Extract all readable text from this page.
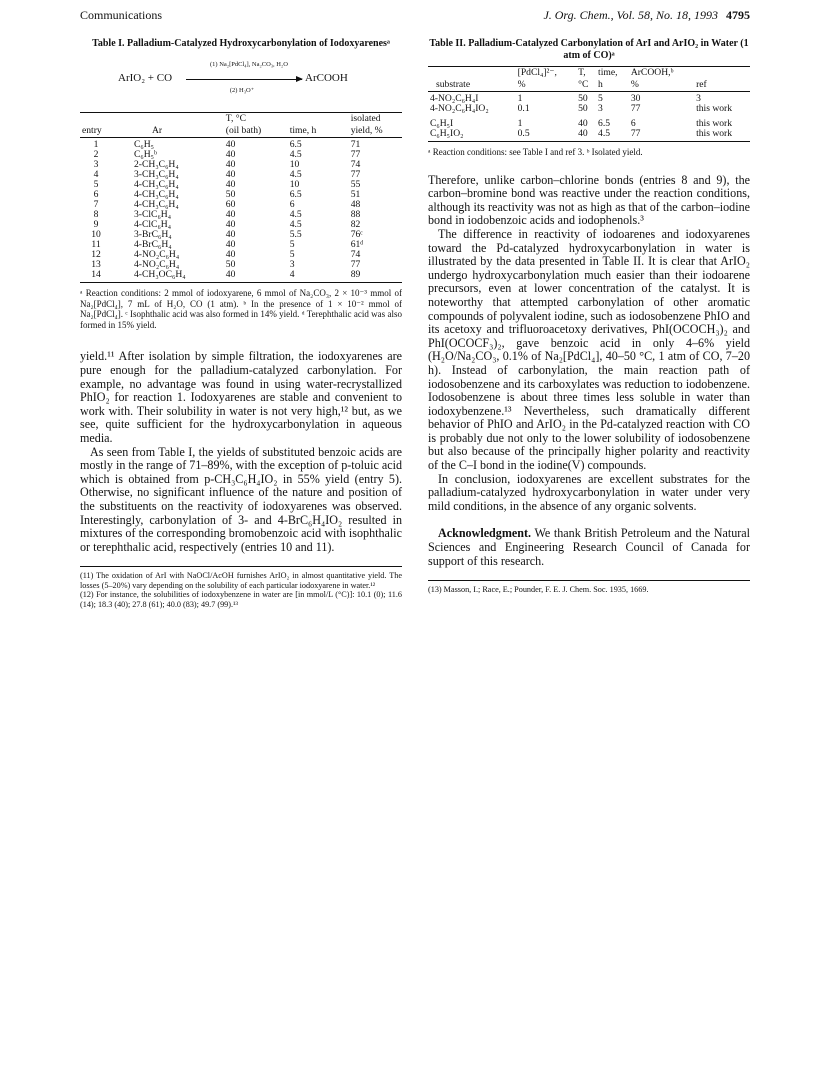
Communications	J. Org. Chem., Vol. 58, No. 18, 1993 4795
Table I. Palladium-Catalyzed Hydroxycarbonylation of Iodoxyarenesᵃ
ArIO₂ + CO
(1) Na₂[PdCl₄], Na₂CO₃, H₂O
(2) H₃O⁺
ArCOOH
		T, °C		isolated
entry	Ar	(oil bath)	time, h	yield, %
1	C₆H₅	40	6.5	71
2	C₆H₅ᵇ	40	4.5	77
3	2-CH₃C₆H₄	40	10	74
4	3-CH₃C₆H₄	40	4.5	77
5	4-CH₃C₆H₄	40	10	55
6	4-CH₃C₆H₄	50	6.5	51
7	4-CH₃C₆H₄	60	6	48
8	3-ClC₆H₄	40	4.5	88
9	4-ClC₆H₄	40	4.5	82
10	3-BrC₆H₄	40	5.5	76ᶜ
11	4-BrC₆H₄	40	5	61ᵈ
12	4-NO₂C₆H₄	40	5	74
13	4-NO₂C₆H₄	50	3	77
14	4-CH₃OC₆H₄	40	4	89
ᵃ Reaction conditions: 2 mmol of iodoxyarene, 6 mmol of Na₂CO₃, 2 × 10⁻³ mmol of Na₂[PdCl₄], 7 mL of H₂O, CO (1 atm). ᵇ In the presence of 1 × 10⁻² mmol of Na₂[PdCl₄]. ᶜ Isophthalic acid was also formed in 14% yield. ᵈ Terephthalic acid was also formed in 15% yield.

yield.¹¹ After isolation by simple filtration, the iodoxyarenes are pure enough for the palladium-catalyzed carbonylation. For example, no advantage was found in using water-recrystallized PhIO₂ for reaction 1. Iodoxyarenes are stable and convenient to work with. Their solubility in water is not very high,¹² but, as we see, quite sufficient for the hydroxycarbonylation in aqueous media.

As seen from Table I, the yields of substituted benzoic acids are mostly in the range of 71–89%, with the exception of p-toluic acid which is obtained from p-CH₃C₆H₄IO₂ in 55% yield (entry 5). Otherwise, no significant influence of the nature and position of the substituents on the reactivity of iodoxyarenes was observed. Interestingly, carbonylation of 3- and 4-BrC₆H₄IO₂ resulted in mixtures of the corresponding bromobenzoic acid with isophthalic or terephthalic acid, respectively (entries 10 and 11).

(11) The oxidation of ArI with NaOCl/AcOH furnishes ArIO₂ in almost quantitative yield. The losses (5–20%) vary depending on the solubility of each particular iodoxyarene in water.¹²
(12) For instance, the solubilities of iodoxybenzene in water are [in mmol/L (°C)]: 10.1 (0); 11.6 (14); 18.3 (40); 27.8 (61); 40.0 (83); 49.7 (99).¹³
Table II. Palladium-Catalyzed Carbonylation of ArI and ArIO₂ in Water (1 atm of CO)ᵃ
	[PdCl₄]²⁻,	T,	time,	ArCOOH,ᵇ	
substrate	%	°C	h	%	ref
4-NO₂C₆H₄I	1	50	5	30	3
4-NO₂C₆H₄IO₂	0.1	50	3	77	this work
C₆H₅I	1	40	6.5	6	this work
C₆H₅IO₂	0.5	40	4.5	77	this work
ᵃ Reaction conditions: see Table I and ref 3. ᵇ Isolated yield.

Therefore, unlike carbon–chlorine bonds (entries 8 and 9), the carbon–bromine bond was reactive under the reaction conditions, although its reactivity was not as high as that of the carbon–iodine bond in iodobenzoic acids and iodophenols.³

The difference in reactivity of iodoarenes and iodoxyarenes toward the Pd-catalyzed hydroxycarbonylation in water is illustrated by the data presented in Table II. It is clear that ArIO₂ undergo hydroxycarbonylation much easier than their iodoarene precursors, even at lower concentration of the catalyst. It is noteworthy that attempted carbonylation of other aromatic compounds of polyvalent iodine, such as iodosobenzene PhIO and its acetoxy and trifluoroacetoxy derivatives, PhI(OCOCH₃)₂ and PhI(OCOCF₃)₂, gave benzoic acid in only 4–6% yield (H₂O/Na₂CO₃, 0.1% of Na₂[PdCl₄], 40–50 °C, 1 atm of CO, 7–20 h). Instead of carbonylation, the main reaction path of iodosobenzene and its carboxylates was reduction to iodobenzene. Iodosobenzene is about three times less soluble in water than iodoxybenzene.¹³ Nevertheless, such dramatically different behavior of PhIO and ArIO₂ in the Pd-catalyzed reaction with CO is probably due not only to the lower solubility of iodosobenzene but also because of the principally higher polarity and reactivity of the C–I bond in the iodine(V) compounds.

In conclusion, iodoxyarenes are excellent substrates for the palladium-catalyzed hydroxycarbonylation in water under very mild conditions, in the absence of any organic solvents.

Acknowledgment. We thank British Petroleum and the Natural Sciences and Engineering Research Council of Canada for support of this research.

(13) Masson, I.; Race, E.; Pounder, F. E. J. Chem. Soc. 1935, 1669.
